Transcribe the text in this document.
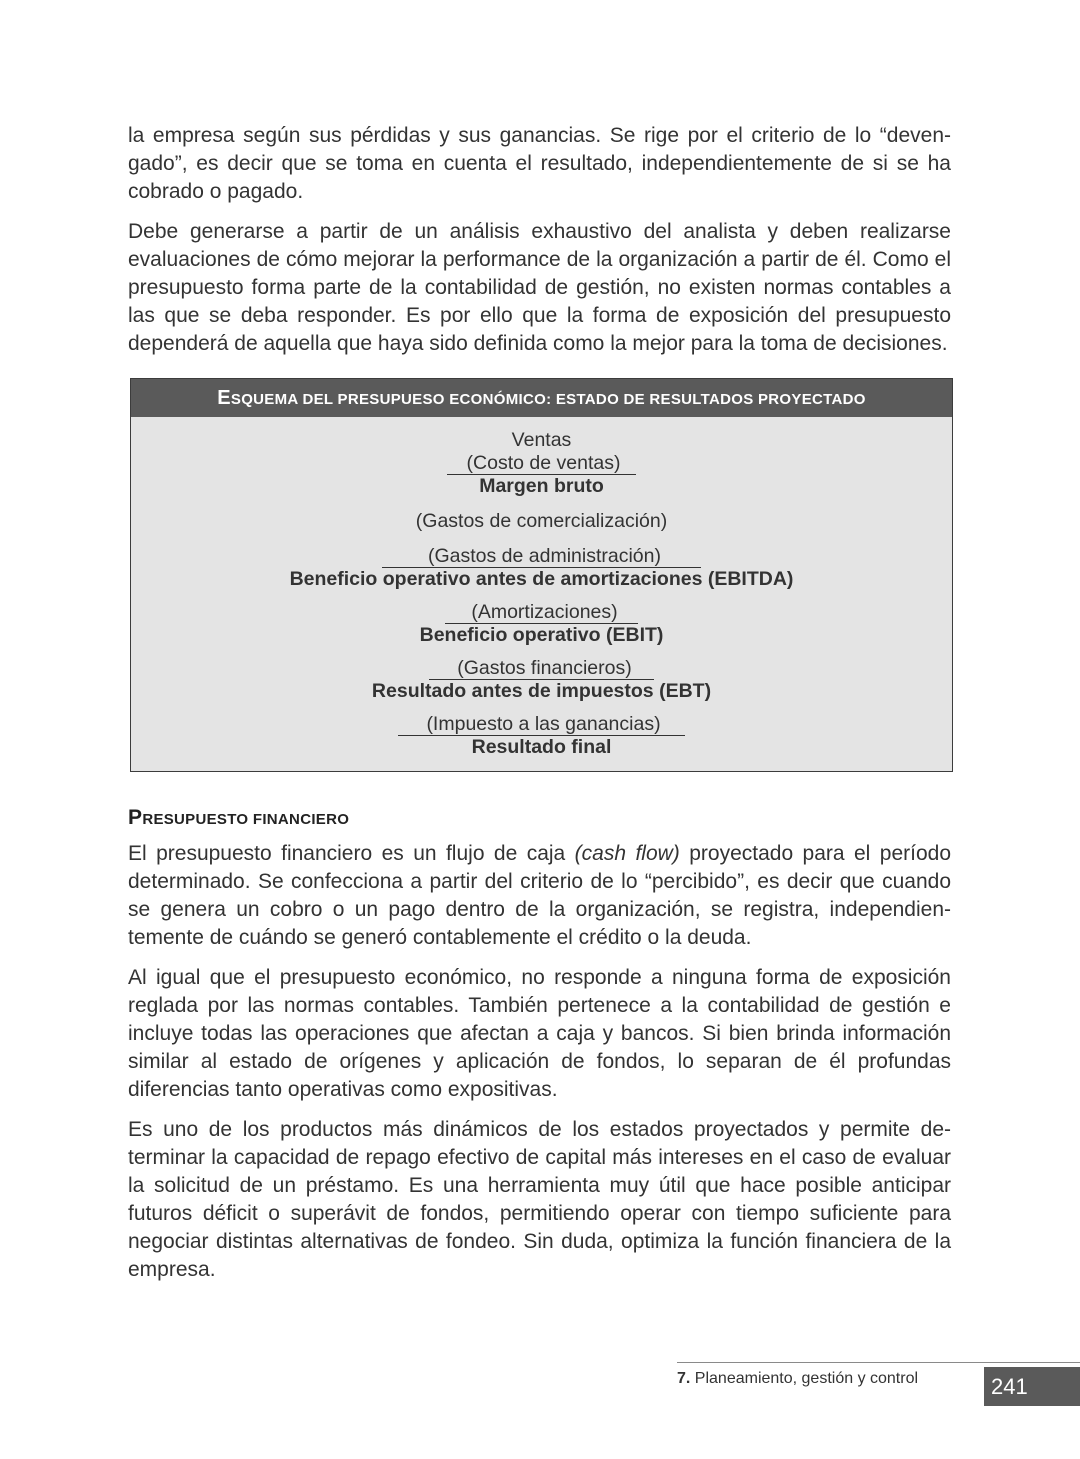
la empresa según sus pérdidas y sus ganancias. Se rige por el criterio de lo “devengado”, es decir que se toma en cuenta el resultado, independientemente de si se ha cobrado o pagado.

Debe generarse a partir de un análisis exhaustivo del analista y deben realizarse evaluaciones de cómo mejorar la performance de la organización a partir de él. Como el presupuesto forma parte de la contabilidad de gestión, no existen normas contables a las que se deba responder. Es por ello que la forma de exposición del presupuesto dependerá de aquella que haya sido definida como la mejor para la toma de decisiones.

ESQUEMA DEL PRESUPUESO ECONÓMICO: ESTADO DE RESULTADOS PROYECTADO
Ventas
(Costo de ventas)
Margen bruto
(Gastos de comercialización)
(Gastos de administración)
Beneficio operativo antes de amortizaciones (EBITDA)
(Amortizaciones)
Beneficio operativo (EBIT)
(Gastos financieros)
Resultado antes de impuestos (EBT)
(Impuesto a las ganancias)
Resultado final
PRESUPUESTO FINANCIERO

El presupuesto financiero es un flujo de caja (cash flow) proyectado para el período determinado. Se confecciona a partir del criterio de lo “percibido”, es decir que cuando se genera un cobro o un pago dentro de la organización, se registra, independientemente de cuándo se generó contablemente el crédito o la deuda.

Al igual que el presupuesto económico, no responde a ninguna forma de exposición reglada por las normas contables. También pertenece a la contabilidad de gestión e incluye todas las operaciones que afectan a caja y bancos. Si bien brinda información similar al estado de orígenes y aplicación de fondos, lo separan de él profundas diferencias tanto operativas como expositivas.

Es uno de los productos más dinámicos de los estados proyectados y permite determinar la capacidad de repago efectivo de capital más intereses en el caso de evaluar la solicitud de un préstamo. Es una herramienta muy útil que hace posible anticipar futuros déficit o superávit de fondos, permitiendo operar con tiempo suficiente para negociar distintas alternativas de fondeo. Sin duda, optimiza la función financiera de la empresa.

7. Planeamiento, gestión y control	241
